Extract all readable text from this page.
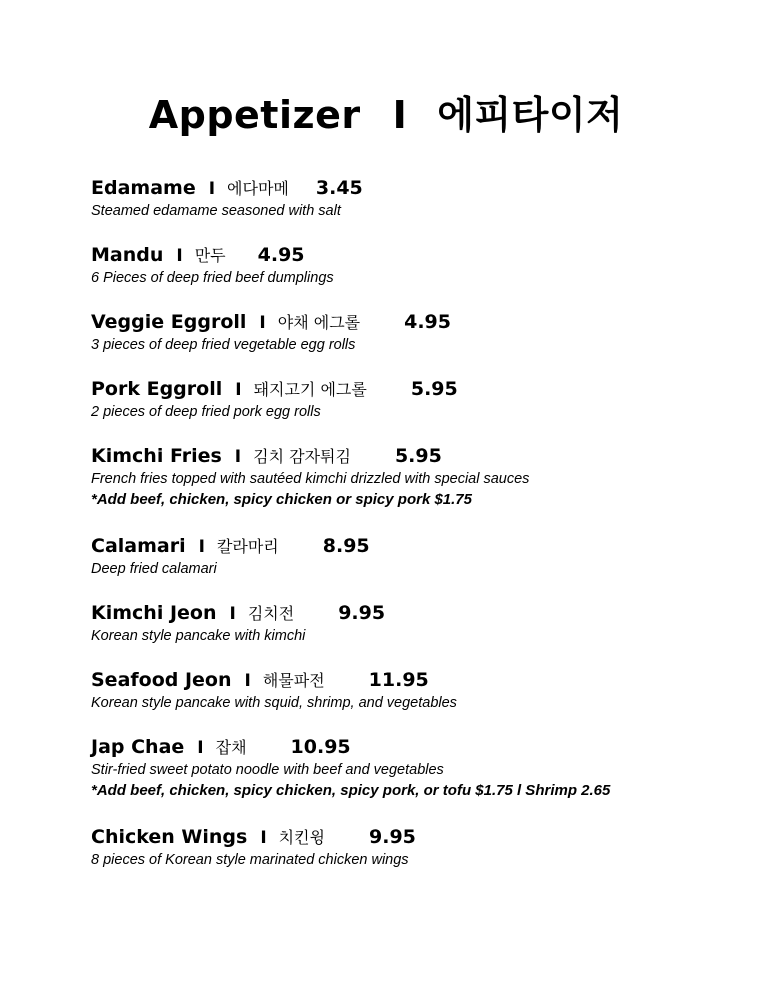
Appetizer I 에피타이저
Edamame I 에다마메 3.45
Steamed edamame seasoned with salt
Mandu I 만두 4.95
6 Pieces of deep fried beef dumplings
Veggie Eggroll I 야채 에그롤 4.95
3 pieces of deep fried vegetable egg rolls
Pork Eggroll I 돼지고기 에그롤 5.95
2 pieces of deep fried pork egg rolls
Kimchi Fries I 김치 감자튀김 5.95
French fries topped with sautéed kimchi drizzled with special sauces
*Add beef, chicken, spicy chicken or spicy pork $1.75
Calamari I 칼라마리 8.95
Deep fried calamari
Kimchi Jeon I 김치전 9.95
Korean style pancake with kimchi
Seafood Jeon I 해물파전 11.95
Korean style pancake with squid, shrimp, and vegetables
Jap Chae I 잡채 10.95
Stir-fried sweet potato noodle with beef and vegetables
*Add beef, chicken, spicy chicken, spicy pork, or tofu $1.75 l Shrimp 2.65
Chicken Wings I 치킨윙 9.95
8 pieces of Korean style marinated chicken wings
